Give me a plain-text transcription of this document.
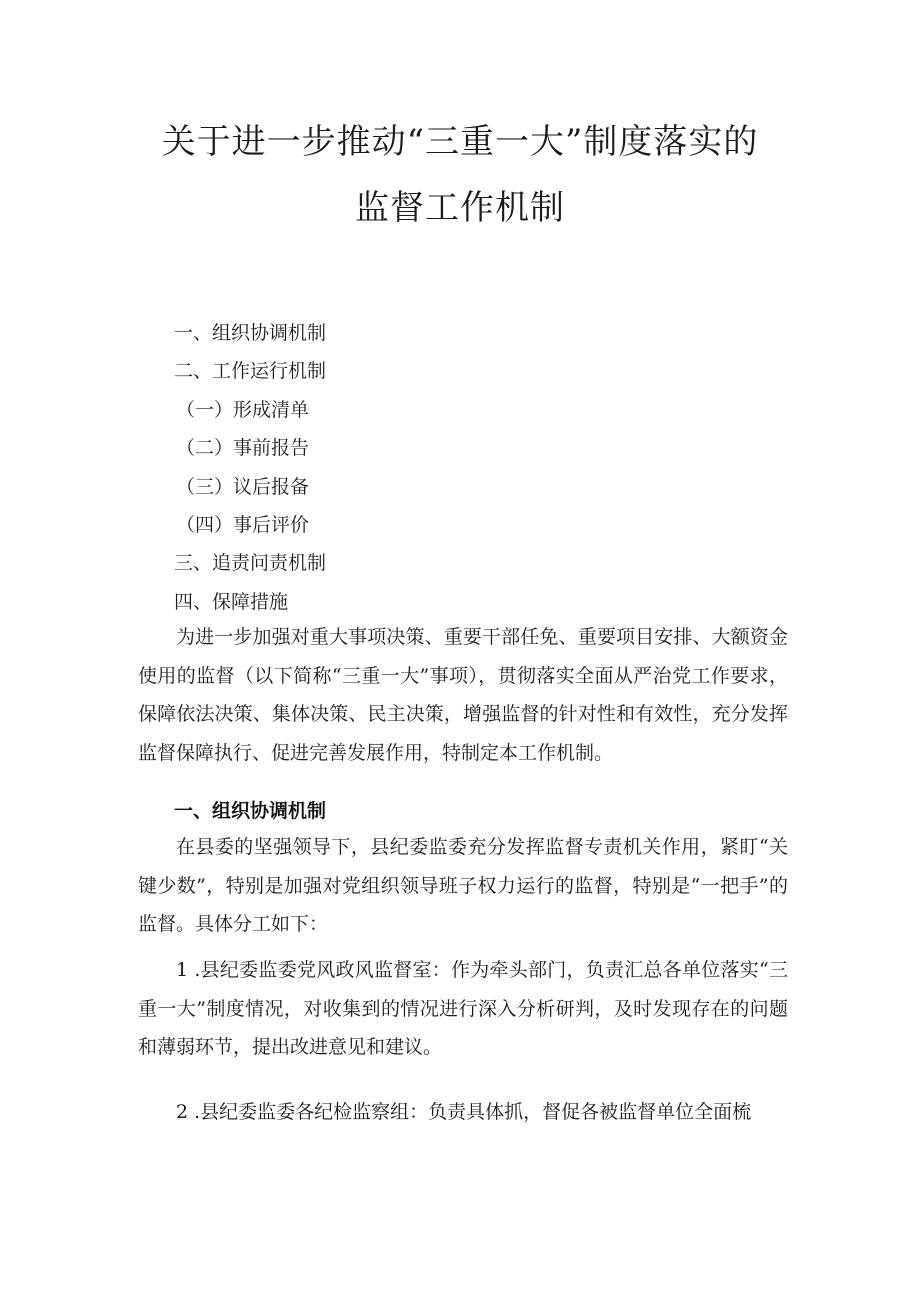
关于进一步推动“三重一大”制度落实的
监督工作机制
一、组织协调机制
二、工作运行机制
（一）形成清单
（二）事前报告
（三）议后报备
（四）事后评价
三、追责问责机制
四、保障措施
为进一步加强对重大事项决策、重要干部任免、重要项目安排、大额资金使用的监督（以下简称“三重一大”事项），贯彻落实全面从严治党工作要求，保障依法决策、集体决策、民主决策，增强监督的针对性和有效性，充分发挥监督保障执行、促进完善发展作用，特制定本工作机制。
一、组织协调机制
在县委的坚强领导下，县纪委监委充分发挥监督专责机关作用，紧盯“关键少数”，特别是加强对党组织领导班子权力运行的监督，特别是“一把手”的监督。具体分工如下：
1 .县纪委监委党风政风监督室：作为牵头部门，负责汇总各单位落实“三重一大”制度情况，对收集到的情况进行深入分析研判，及时发现存在的问题和薄弱环节，提出改进意见和建议。
2 .县纪委监委各纪检监察组：负责具体抓，督促各被监督单位全面梳
